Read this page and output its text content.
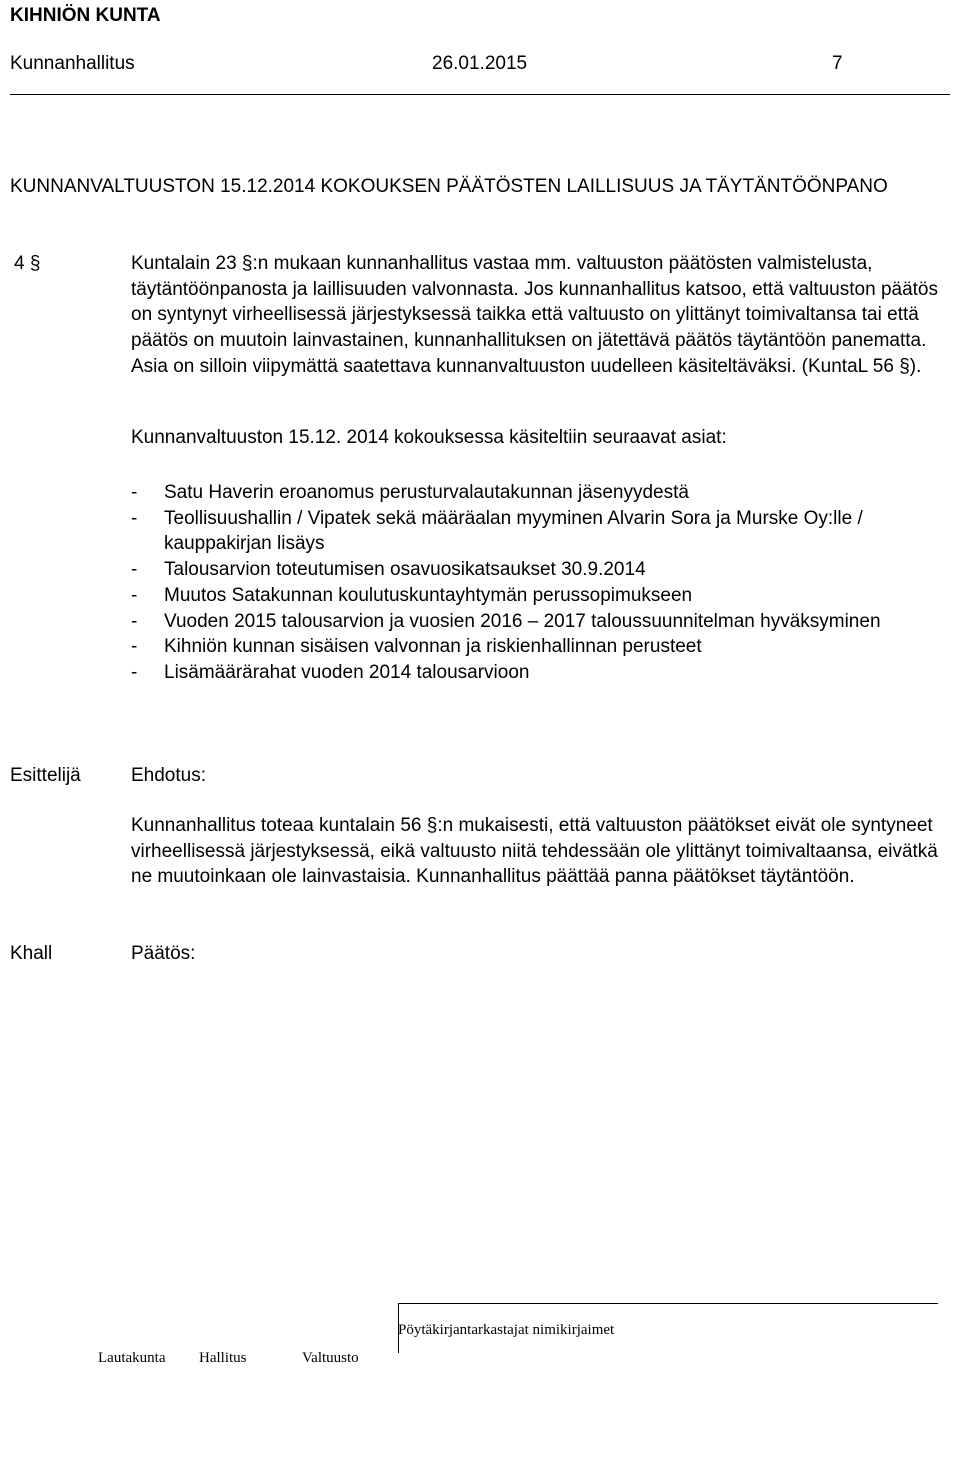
KIHNIÖN KUNTA
Kunnanhallitus	26.01.2015	7
KUNNANVALTUUSTON 15.12.2014 KOKOUKSEN PÄÄTÖSTEN LAILLISUUS JA TÄYTÄNTÖÖNPANO
4 §	Kuntalain 23 §:n mukaan kunnanhallitus vastaa mm. valtuuston päätösten valmistelusta, täytäntöönpanosta ja laillisuuden valvonnasta. Jos kunnanhallitus katsoo, että valtuuston päätös on syntynyt virheellisessä järjestyksessä taikka että valtuusto on ylittänyt toimivaltansa tai että päätös on muutoin lainvastainen, kunnanhallituksen on jätettävä päätös täytäntöön panematta. Asia on silloin viipymättä saatettava kunnanvaltuuston uudelleen käsiteltäväksi. (KuntaL 56 §).
Kunnanvaltuuston 15.12. 2014 kokouksessa käsiteltiin seuraavat asiat:
- Satu Haverin eroanomus perusturvalautakunnan jäsenyydestä
- Teollisuushallin / Vipatek sekä määräalan myyminen Alvarin Sora ja Murske Oy:lle / kauppakirjan lisäys
- Talousarvion toteutumisen osavuosikatsaukset 30.9.2014
- Muutos Satakunnan koulutuskuntayhtymän perussopimukseen
- Vuoden 2015 talousarvion ja vuosien 2016 – 2017 taloussuunnitelman hyväksyminen
- Kihniön kunnan sisäisen valvonnan ja riskienhallinnan perusteet
- Lisämäärärahat vuoden 2014 talousarvioon
Esittelijä	Ehdotus:
Kunnanhallitus toteaa kuntalain 56 §:n mukaisesti, että valtuuston päätökset eivät ole syntyneet virheellisessä järjestyksessä, eikä valtuusto niitä tehdessään ole ylittänyt toimivaltaansa, eivätkä ne muutoinkaan ole lainvastaisia. Kunnanhallitus päättää panna päätökset täytäntöön.
Khall	Päätös:
Pöytäkirjantarkastajat nimikirjaimet
Lautakunta Hallitus	Valtuusto
